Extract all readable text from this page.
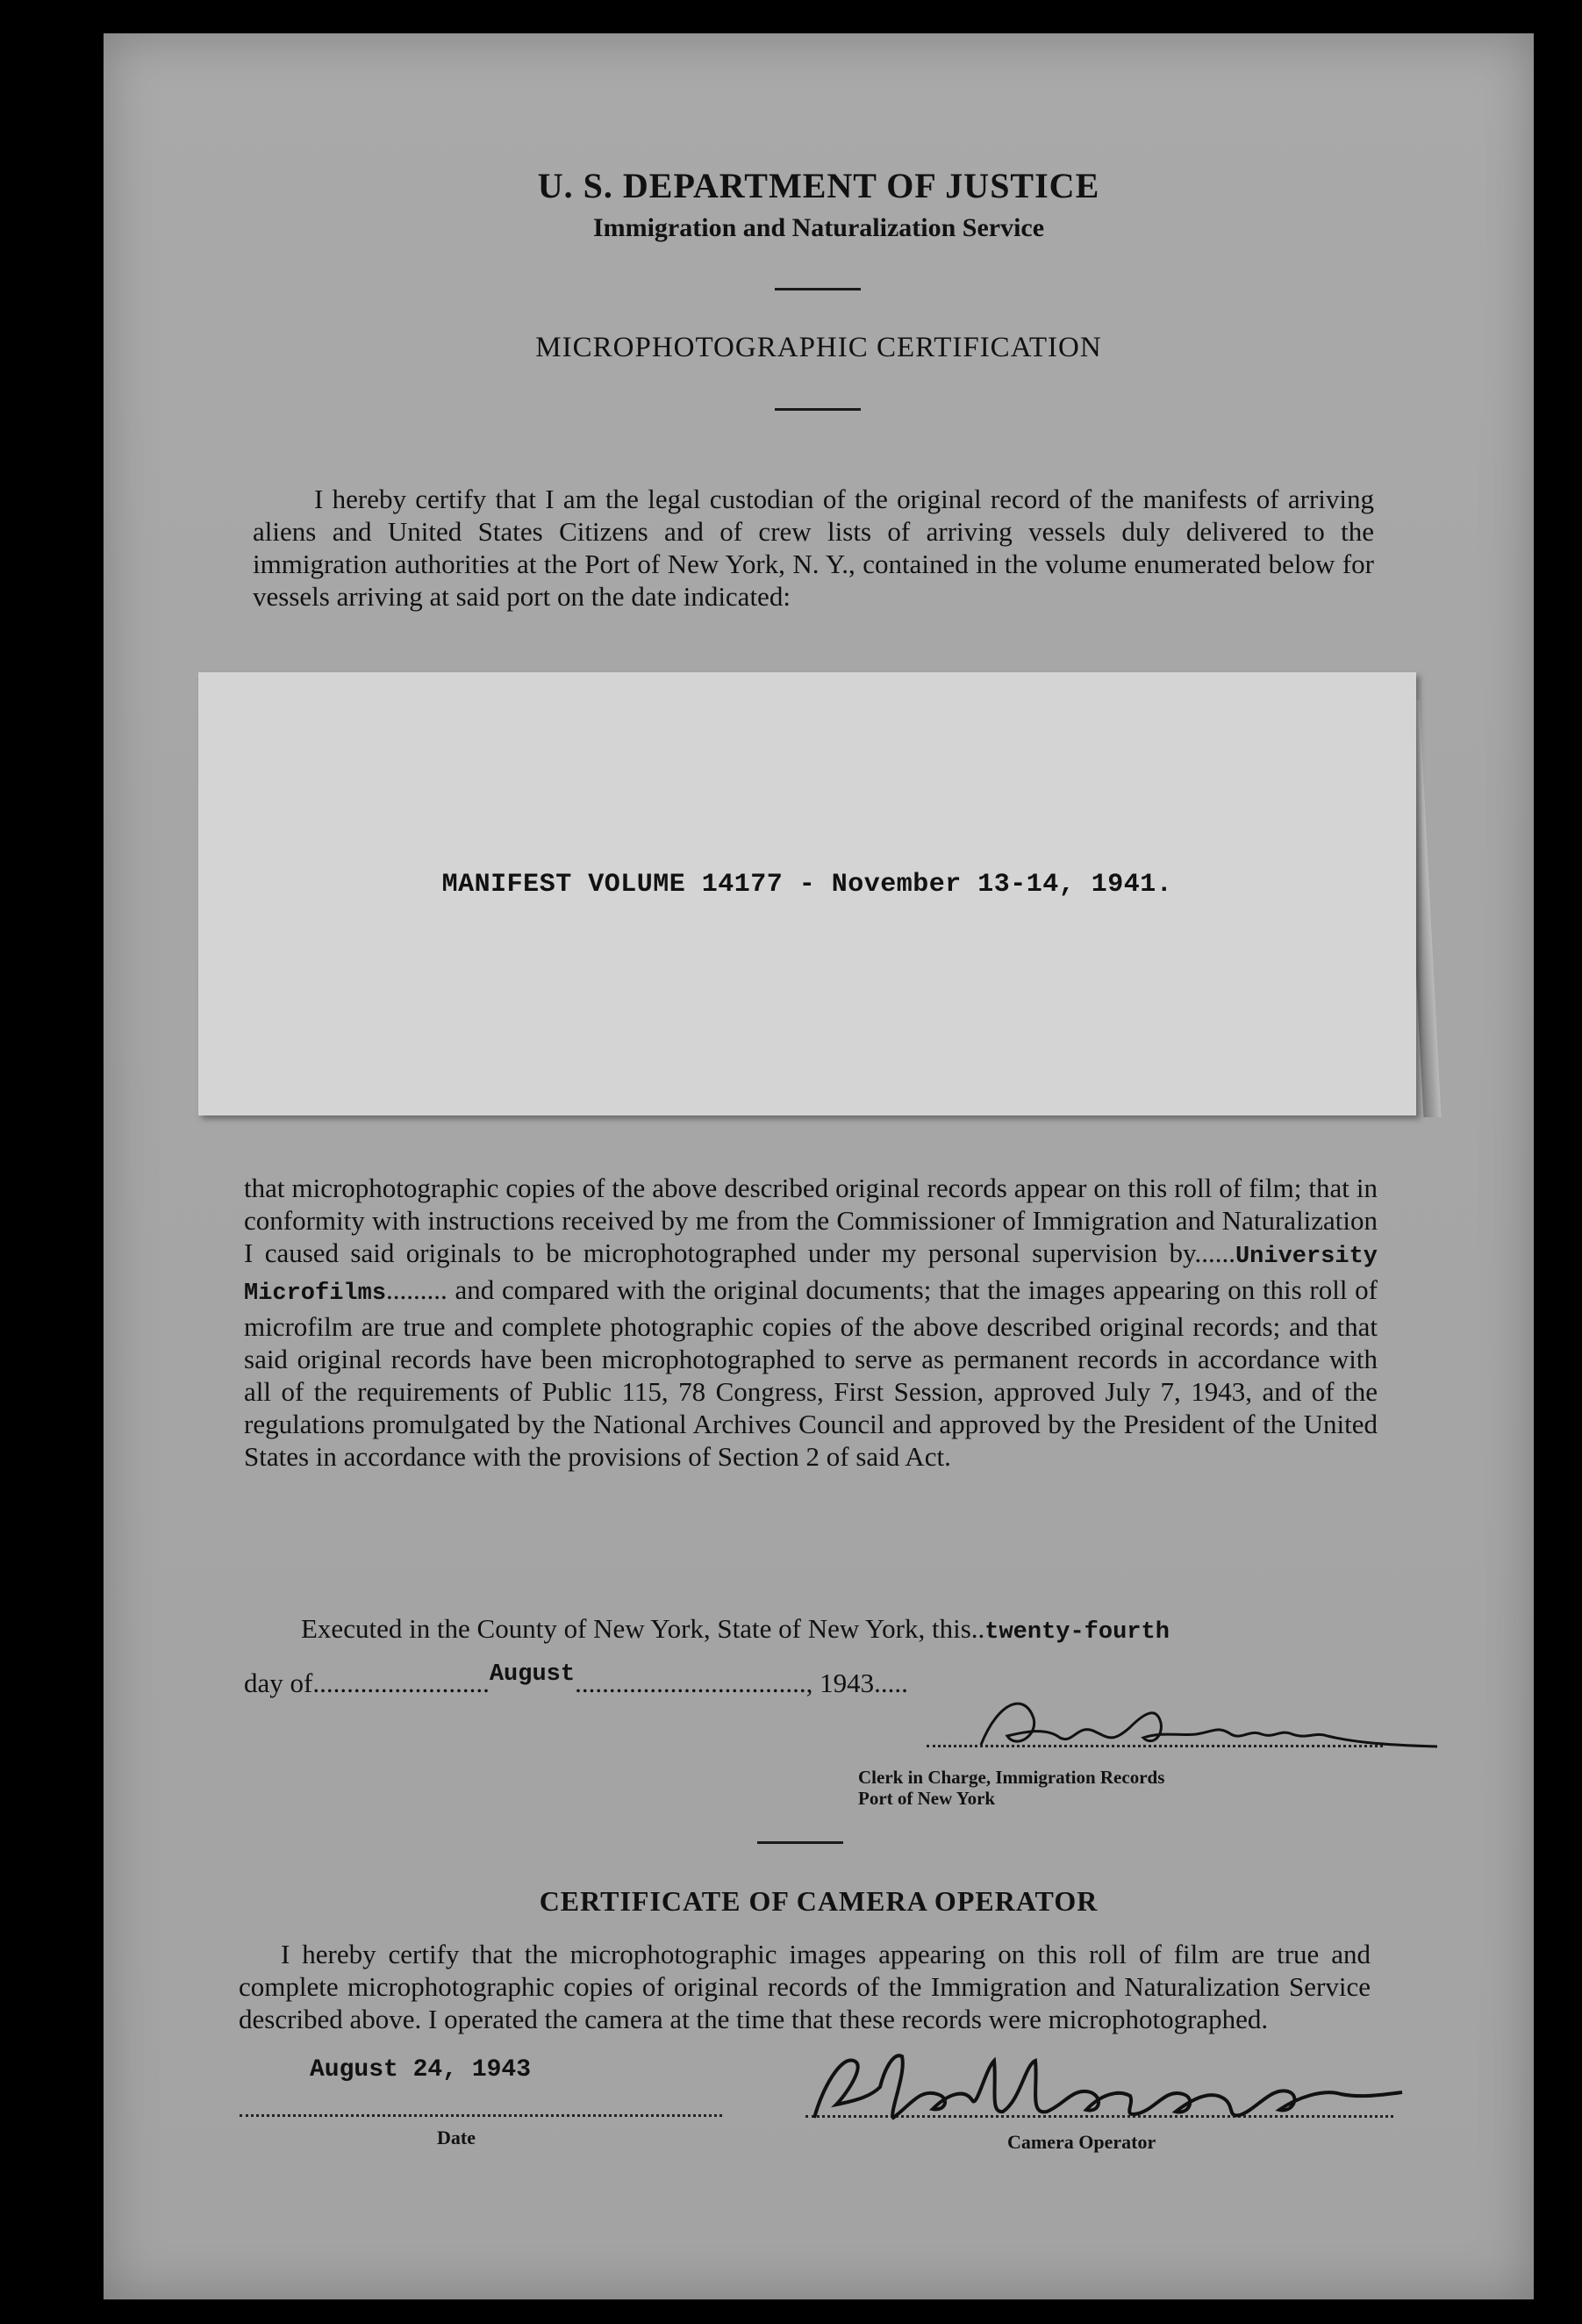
U. S. DEPARTMENT OF JUSTICE
Immigration and Naturalization Service
MICROPHOTOGRAPHIC CERTIFICATION
I hereby certify that I am the legal custodian of the original record of the manifests of arriving aliens and United States Citizens and of crew lists of arriving vessels duly delivered to the immigration authorities at the Port of New York, N. Y., contained in the volume enumerated below for vessels arriving at said port on the date indicated:
MANIFEST VOLUME 14177 - November 13-14, 1941.
that microphotographic copies of the above described original records appear on this roll of film; that in conformity with instructions received by me from the Commissioner of Immigration and Naturalization I caused said originals to be microphotographed under my personal supervision by......University Microfilms......... and compared with the original documents; that the images appearing on this roll of microfilm are true and complete photographic copies of the above described original records; and that said original records have been microphotographed to serve as permanent records in accordance with all of the requirements of Public 115, 78 Congress, First Session, approved July 7, 1943, and of the regulations promulgated by the National Archives Council and approved by the President of the United States in accordance with the provisions of Section 2 of said Act.
Executed in the County of New York, State of New York, this..twenty-fourth
day of..........................August.................................., 1943.....
Clerk in Charge, Immigration Records
Port of New York
CERTIFICATE OF CAMERA OPERATOR
I hereby certify that the microphotographic images appearing on this roll of film are true and complete microphotographic copies of original records of the Immigration and Naturalization Service described above. I operated the camera at the time that these records were microphotographed.
August 24, 1943
Date	Camera Operator
